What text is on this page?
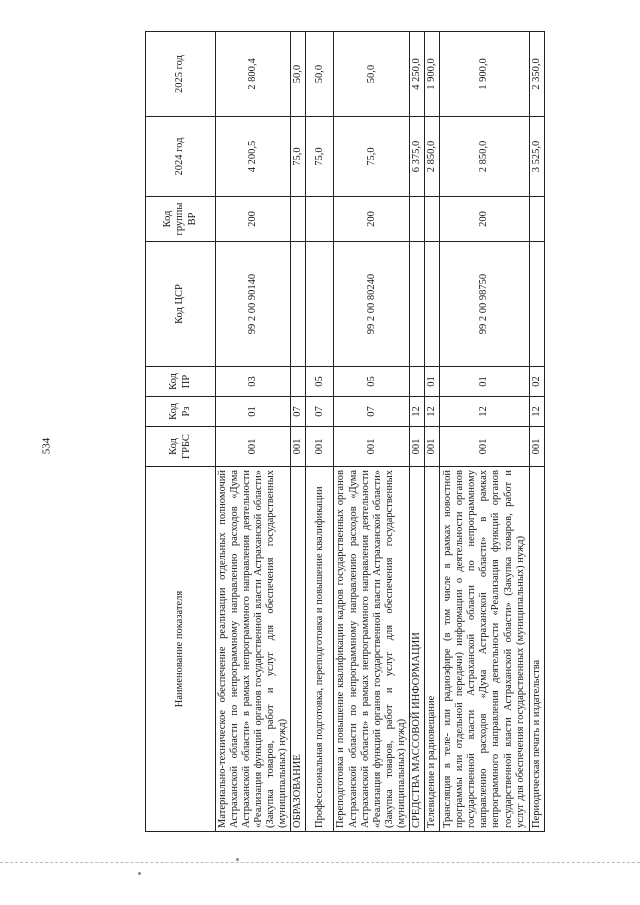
534
Наименование показателя	Код ГРБС	Код Рз	Код ПР	Код ЦСР	Код группы ВР	2024 год	2025 год
Материально-техническое обеспечение реализации отдельных полномочий Астраханской области по непрограммному направлению расходов «Дума Астраханской области» в рамках непрограммного направления деятельности «Реализация функций органов государственной власти Астраханской области» (Закупка товаров, работ и услуг для обеспечения государственных (муниципальных) нужд)	001	01	03	99 2 00 90140	200	4 200,5	2 800,4
ОБРАЗОВАНИЕ	001	07				75,0	50,0
Профессиональная подготовка, переподготовка и повышение квалификации	001	07	05			75,0	50,0
Переподготовка и повышение квалификации кадров государственных органов Астраханской области по непрограммному направлению расходов «Дума Астраханской области» в рамках непрограммного направления деятельности «Реализация функций органов государственной власти Астраханской области» (Закупка товаров, работ и услуг для обеспечения государственных (муниципальных) нужд)	001	07	05	99 2 00 80240	200	75,0	50,0
СРЕДСТВА МАССОВОЙ ИНФОРМАЦИИ	001	12				6 375,0	4 250,0
Телевидение и радиовещание	001	12	01			2 850,0	1 900,0
Трансляция в теле- или радиоэфире (в том числе в рамках новостной программы или отдельной передачи) информации о деятельности органов государственной власти Астраханской области по непрограммному направлению расходов «Дума Астраханской области» в рамках непрограммного направления деятельности «Реализация функций органов государственной власти Астраханской области» (Закупка товаров, работ и услуг для обеспечения государственных (муниципальных) нужд)	001	12	01	99 2 00 98750	200	2 850,0	1 900,0
Периодическая печать и издательства	001	12	02			3 525,0	2 350,0
